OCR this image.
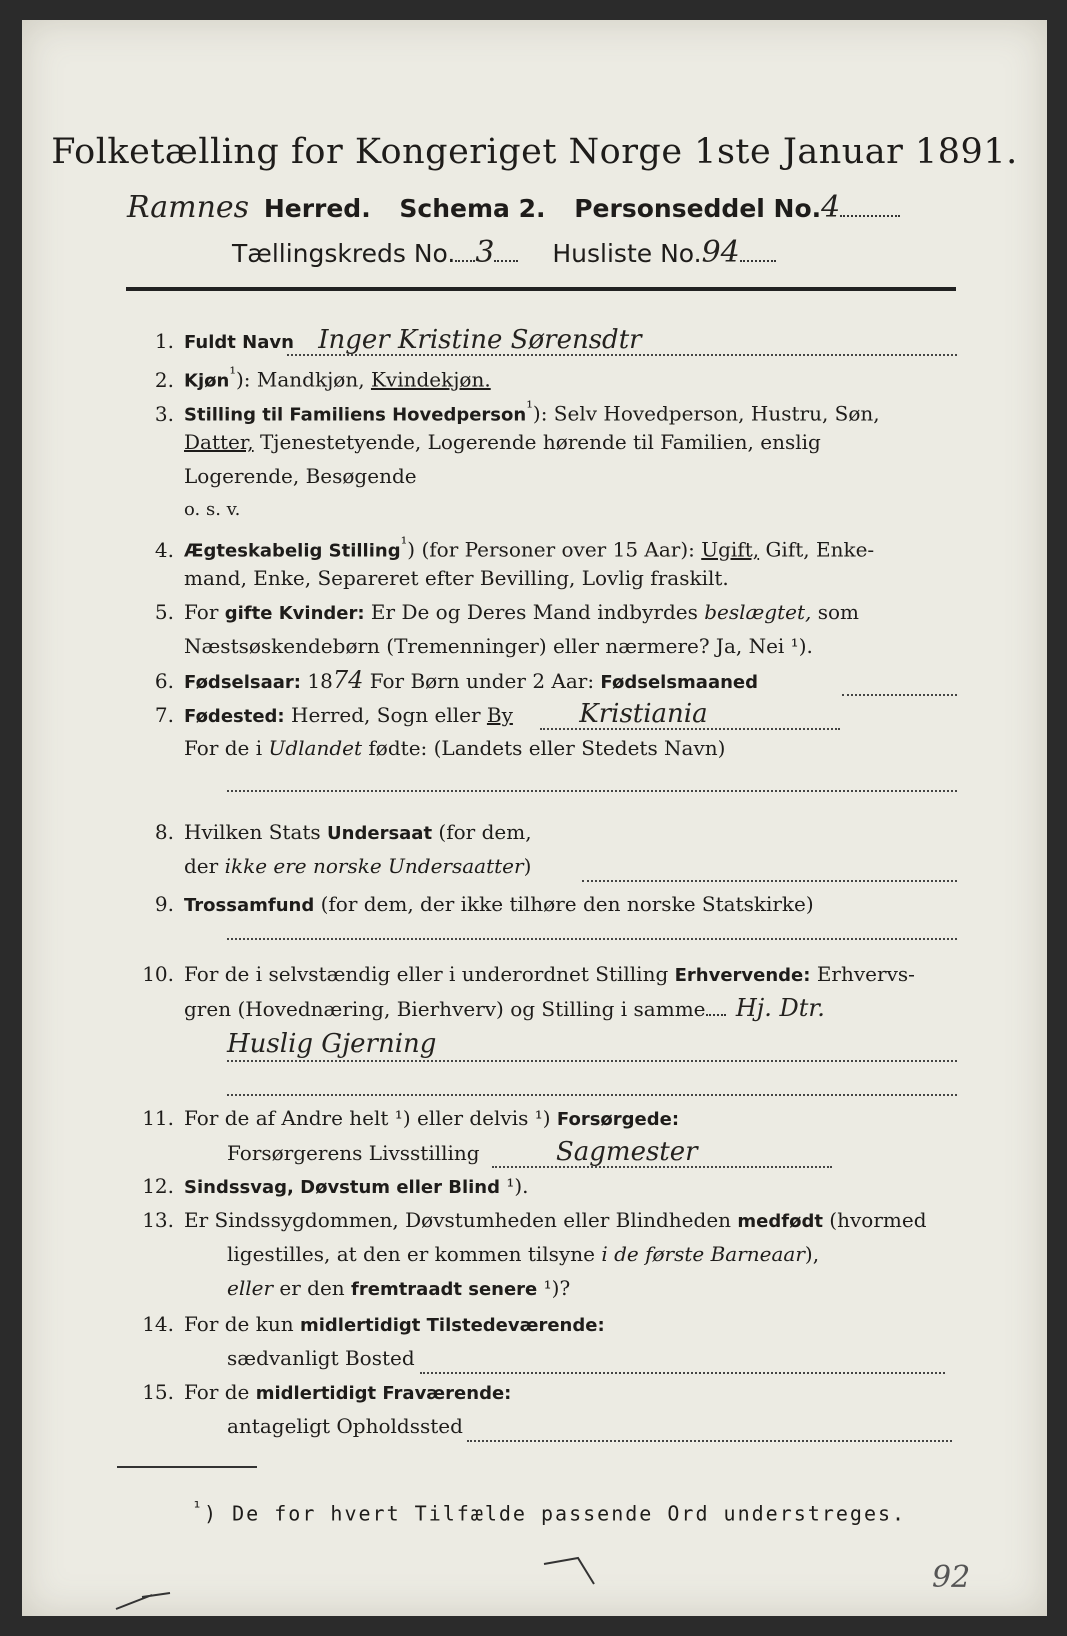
Folketælling for Kongeriget Norge 1ste Januar 1891.
Ramnes Herred. Schema 2. Personseddel No.4
Tællingskreds No. 3 Husliste No.94
1. Fuldt Navn Inger Kristine Sørensdtr
2. Kjøn$^{^1}$): Mandkjøn, Kvindekjøn.
3. Stilling til Familiens Hovedperson$^{^1}$): Selv Hovedperson, Hustru, Søn,
Datter, Tjenestetyende, Logerende hørende til Familien, enslig
Logerende, Besøgende
o. s. v.
4. Ægteskabelig Stilling$^{^1}$) (for Personer over 15 Aar): Ugift, Gift, Enke-
mand, Enke, Separeret efter Bevilling, Lovlig fraskilt.
5. For gifte Kvinder: Er De og Deres Mand indbyrdes beslægtet, som
Næstsøskendebørn (Tremenninger) eller nærmere? Ja, Nei ¹).
6. Fødselsaar: 1874 For Børn under 2 Aar: Fødselsmaaned
7. Fødested: Herred, Sogn eller By	Kristiania
For de i Udlandet fødte: (Landets eller Stedets Navn)
8. Hvilken Stats Undersaat (for dem,
der ikke ere norske Undersaatter)
9. Trossamfund (for dem, der ikke tilhøre den norske Statskirke)
10. For de i selvstændig eller i underordnet Stilling Erhvervende: Erhvervs-
gren (Hovednæring, Bierhverv) og Stilling i samme Hj. Dtr.
Huslig Gjerning
11. For de af Andre helt ¹) eller delvis ¹) Forsørgede:
Forsørgerens Livsstilling	Sagmester
12. Sindssvag, Døvstum eller Blind ¹).
13. Er Sindssygdommen, Døvstumheden eller Blindheden medfødt (hvormed
ligestilles, at den er kommen tilsyne i de første Barneaar),
eller er den fremtraadt senere ¹)?
14. For de kun midlertidigt Tilstedeværende:
sædvanligt Bosted
15. For de midlertidigt Fraværende:
antageligt Opholdssted
$^{^1}$) De for hvert Tilfælde passende Ord understreges.
92
